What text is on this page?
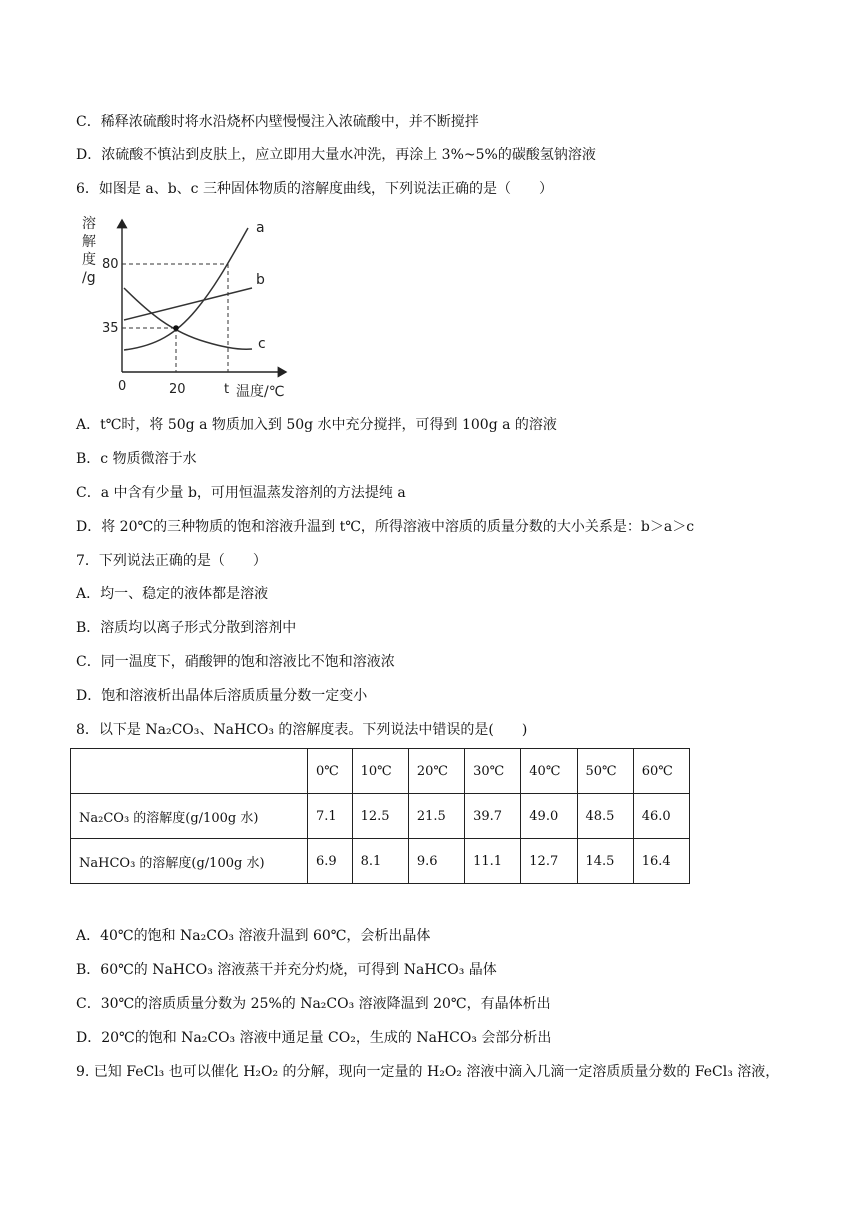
C．稀释浓硫酸时将水沿烧杯内壁慢慢注入浓硫酸中，并不断搅拌
D．浓硫酸不慎沾到皮肤上，应立即用大量水冲洗，再涂上 3%~5%的碳酸氢钠溶液
6．如图是 a、b、c 三种固体物质的溶解度曲线，下列说法正确的是（　　）
溶
解
度
/g
80
35
0	20	t 温度/℃
a
b
c
A．t℃时，将 50g a 物质加入到 50g 水中充分搅拌，可得到 100g a 的溶液
B．c 物质微溶于水
C．a 中含有少量 b，可用恒温蒸发溶剂的方法提纯 a
D．将 20℃的三种物质的饱和溶液升温到 t℃，所得溶液中溶质的质量分数的大小关系是：b＞a＞c
7．下列说法正确的是（　　）
A．均一、稳定的液体都是溶液
B．溶质均以离子形式分散到溶剂中
C．同一温度下，硝酸钾的饱和溶液比不饱和溶液浓
D．饱和溶液析出晶体后溶质质量分数一定变小
8．以下是 Na₂CO₃、NaHCO₃ 的溶解度表。下列说法中错误的是(　　)
	0℃	10℃	20℃	30℃	40℃	50℃	60℃
Na₂CO₃ 的溶解度(g/100g 水)	7.1	12.5	21.5	39.7	49.0	48.5	46.0
NaHCO₃ 的溶解度(g/100g 水)	6.9	8.1	9.6	11.1	12.7	14.5	16.4
A．40℃的饱和 Na₂CO₃ 溶液升温到 60℃，会析出晶体
B．60℃的 NaHCO₃ 溶液蒸干并充分灼烧，可得到 NaHCO₃ 晶体
C．30℃的溶质质量分数为 25%的 Na₂CO₃ 溶液降温到 20℃，有晶体析出
D．20℃的饱和 Na₂CO₃ 溶液中通足量 CO₂，生成的 NaHCO₃ 会部分析出
9. 已知 FeCl₃ 也可以催化 H₂O₂ 的分解，现向一定量的 H₂O₂ 溶液中滴入几滴一定溶质质量分数的 FeCl₃ 溶液，
